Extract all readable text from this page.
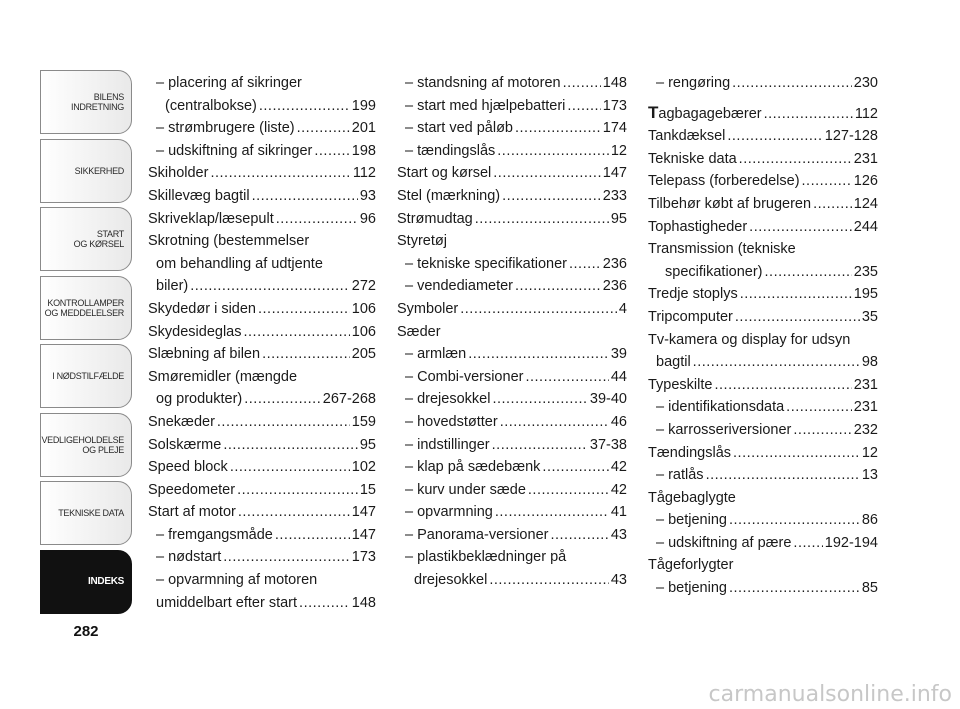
BILENS
INDRETNING
SIKKERHED
START
OG KØRSEL
KONTROLLAMPER
OG MEDDELELSER
I NØDSTILFÆLDE
VEDLIGEHOLDELSE
OG PLEJE
TEKNISKE DATA
INDEKS
282
– placering af sikringer
(centralbokse) .....	199
– strømbrugere (liste) .....	201
– udskiftning af sikringer .....	198
Skiholder .....	112
Skillevæg bagtil .....	93
Skriveklap/læsepult .....	96
Skrotning (bestemmelser
om behandling af udtjente
biler) .....	272
Skydedør i siden .....	106
Skydesideglas .....	106
Slæbning af bilen .....	205
Smøremidler (mængde
og produkter) .....	267-268
Snekæder .....	159
Solskærme .....	95
Speed block .....	102
Speedometer .....	15
Start af motor .....	147
– fremgangsmåde .....	147
– nødstart .....	173
– opvarmning af motoren
umiddelbart efter start .....	148
– standsning af motoren .....	148
– start med hjælpebatteri .....	173
– start ved påløb .....	174
– tændingslås .....	12
Start og kørsel .....	147
Stel (mærkning) .....	233
Strømudtag .....	95
Styretøj
– tekniske specifikationer ..... 236
– vendediameter .....	236
Symboler .....	4
Sæder
– armlæn .....	39
– Combi-versioner .....	44
– drejesokkel .....	39-40
– hovedstøtter .....	46
– indstillinger .....	37-38
– klap på sædebænk .....	42
– kurv under sæde .....	42
– opvarmning .....	41
– Panorama-versioner .....	43
– plastikbeklædninger på
drejesokkel .....	43
– rengøring .....	230
Tagbagagebærer .....	112
Tankdæksel .....	127-128
Tekniske data .....	231
Telepass (forberedelse) .....	126
Tilbehør købt af brugeren .....	124
Tophastigheder .....	244
Transmission (tekniske
specifikationer) .....	235
Tredje stoplys .....	195
Tripcomputer .....	35
Tv-kamera og display for udsyn
bagtil .....	98
Typeskilte .....	231
– identifikationsdata .....	231
– karrosseriversioner .....	232
Tændingslås .....	12
– ratlås .....	13
Tågebaglygte
– betjening .....	86
– udskiftning af pære ..... 192-194
Tågeforlygter
– betjening .....	85
carmanualsonline.info
